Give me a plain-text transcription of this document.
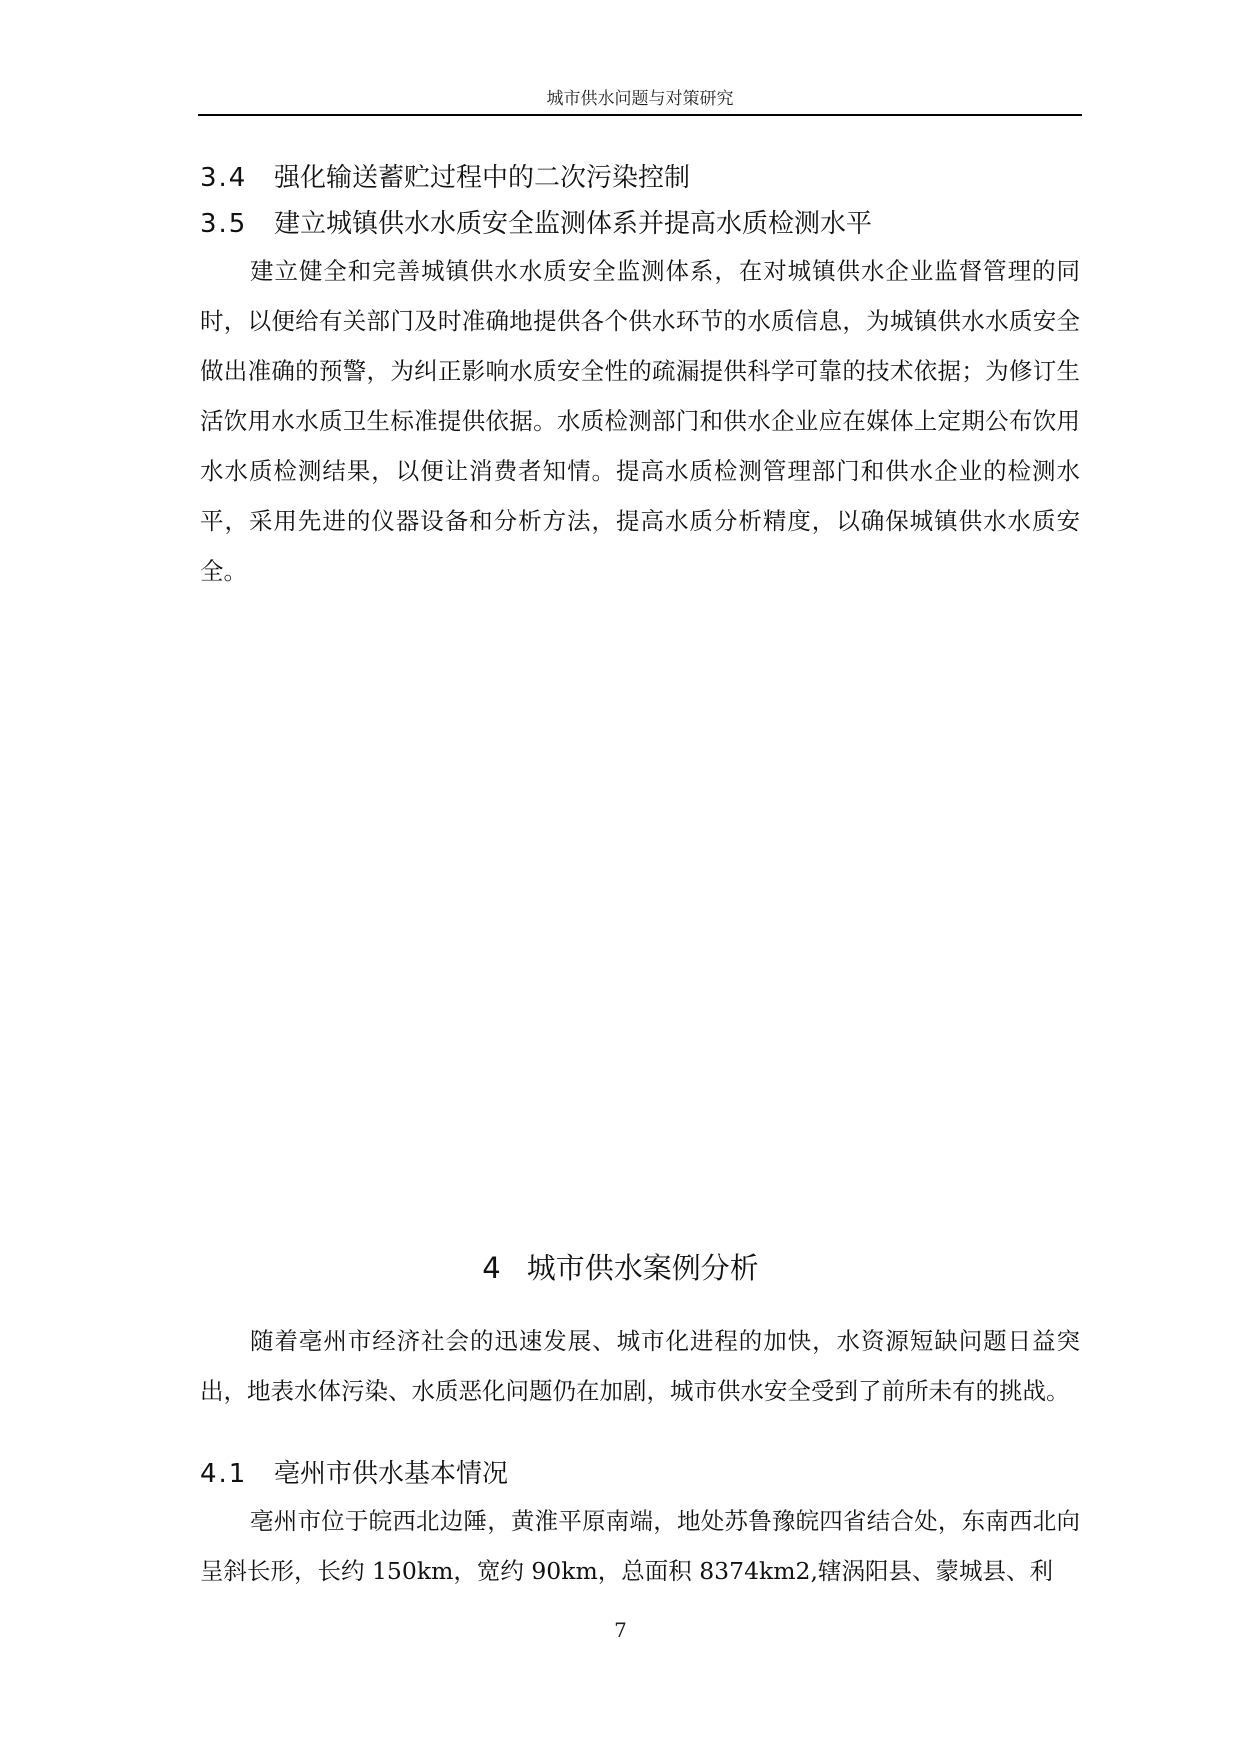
城市供水问题与对策研究
3.4 强化输送蓄贮过程中的二次污染控制
3.5 建立城镇供水水质安全监测体系并提高水质检测水平

建立健全和完善城镇供水水质安全监测体系，在对城镇供水企业监督管理的同时，以便给有关部门及时准确地提供各个供水环节的水质信息，为城镇供水水质安全做出准确的预警，为纠正影响水质安全性的疏漏提供科学可靠的技术依据；为修订生活饮用水水质卫生标准提供依据。水质检测部门和供水企业应在媒体上定期公布饮用水水质检测结果，以便让消费者知情。提高水质检测管理部门和供水企业的检测水平，采用先进的仪器设备和分析方法，提高水质分析精度，以确保城镇供水水质安全。

4 城市供水案例分析

随着亳州市经济社会的迅速发展、城市化进程的加快，水资源短缺问题日益突出，地表水体污染、水质恶化问题仍在加剧，城市供水安全受到了前所未有的挑战。

4.1 亳州市供水基本情况

亳州市位于皖西北边陲，黄淮平原南端，地处苏鲁豫皖四省结合处，东南西北向呈斜长形，长约 150km，宽约 90km，总面积 8374km2,辖涡阳县、蒙城县、利

7
